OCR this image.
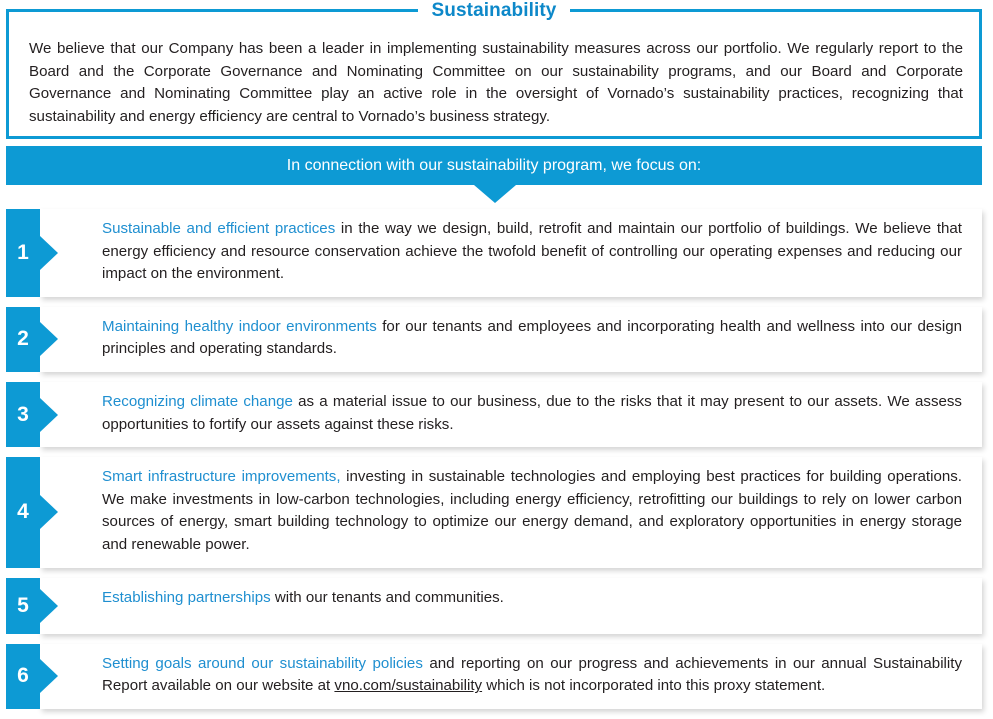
Sustainability

We believe that our Company has been a leader in implementing sustainability measures across our portfolio. We regularly report to the Board and the Corporate Governance and Nominating Committee on our sustainability programs, and our Board and Corporate Governance and Nominating Committee play an active role in the oversight of Vornado’s sustainability practices, recognizing that sustainability and energy efficiency are central to Vornado’s business strategy.

In connection with our sustainability program, we focus on:
1

Sustainable and efficient practices in the way we design, build, retrofit and maintain our portfolio of buildings. We believe that energy efficiency and resource conservation achieve the twofold benefit of controlling our operating expenses and reducing our impact on the environment.

2

Maintaining healthy indoor environments for our tenants and employees and incorporating health and wellness into our design principles and operating standards.

3

Recognizing climate change as a material issue to our business, due to the risks that it may present to our assets. We assess opportunities to fortify our assets against these risks.

4

Smart infrastructure improvements, investing in sustainable technologies and employing best practices for building operations. We make investments in low-carbon technologies, including energy efficiency, retrofitting our buildings to rely on lower carbon sources of energy, smart building technology to optimize our energy demand, and exploratory opportunities in energy storage and renewable power.

5	Establishing partnerships with our tenants and communities.

6

Setting goals around our sustainability policies and reporting on our progress and achievements in our annual Sustainability Report available on our website at vno.com/sustainability which is not incorporated into this proxy statement.
